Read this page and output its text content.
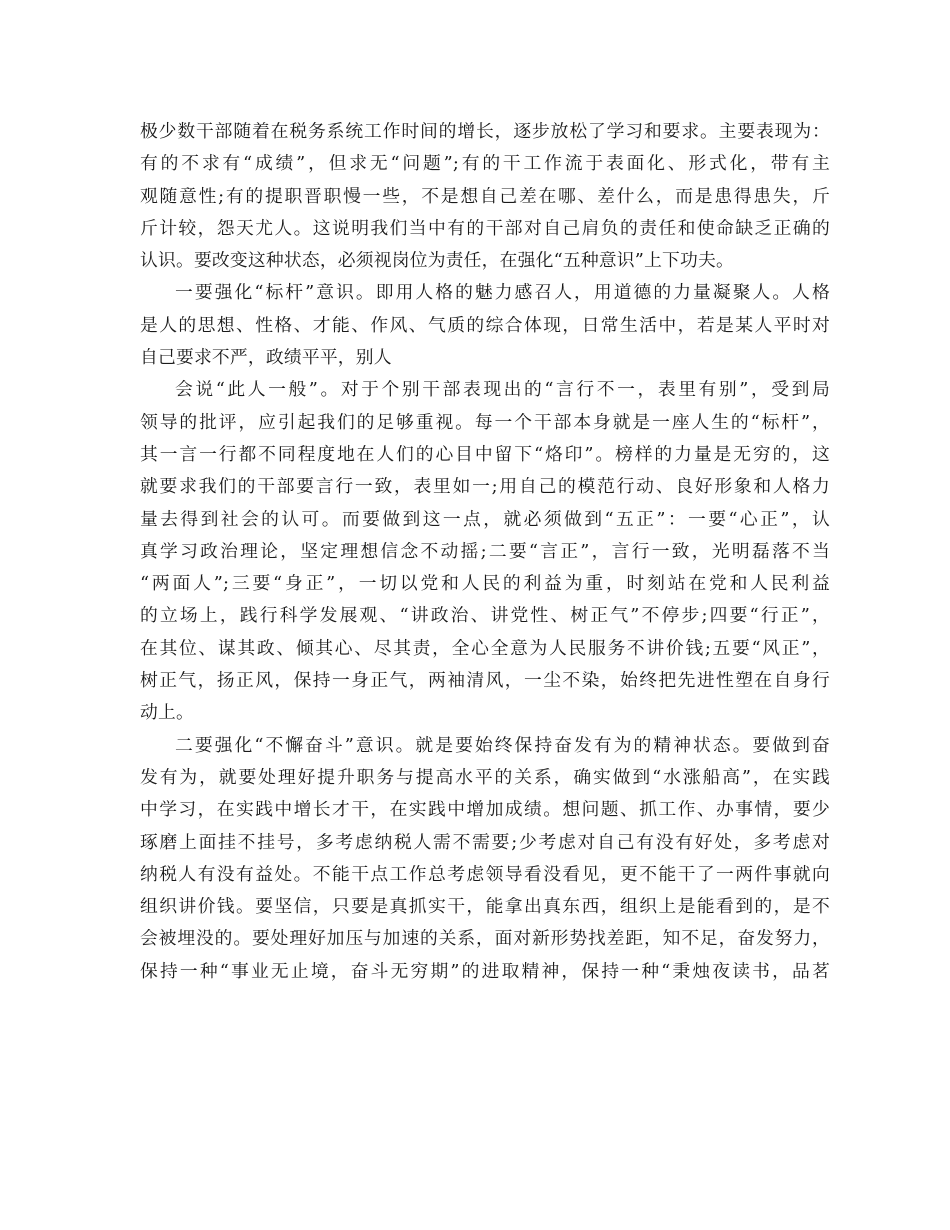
极少数干部随着在税务系统工作时间的增长，逐步放松了学习和要求。主要表现为：
有的不求有“成绩”，但求无“问题”;有的干工作流于表面化、形式化，带有主
观随意性;有的提职晋职慢一些，不是想自己差在哪、差什么，而是患得患失，斤
斤计较，怨天尤人。这说明我们当中有的干部对自己肩负的责任和使命缺乏正确的
认识。要改变这种状态，必须视岗位为责任，在强化“五种意识”上下功夫。
一要强化“标杆”意识。即用人格的魅力感召人，用道德的力量凝聚人。人格
是人的思想、性格、才能、作风、气质的综合体现，日常生活中，若是某人平时对
自己要求不严，政绩平平，别人
会说“此人一般”。对于个别干部表现出的“言行不一，表里有别”，受到局
领导的批评，应引起我们的足够重视。每一个干部本身就是一座人生的“标杆”，
其一言一行都不同程度地在人们的心目中留下“烙印”。榜样的力量是无穷的，这
就要求我们的干部要言行一致，表里如一;用自己的模范行动、良好形象和人格力
量去得到社会的认可。而要做到这一点，就必须做到“五正”：一要“心正”，认
真学习政治理论，坚定理想信念不动摇;二要“言正”，言行一致，光明磊落不当
“两面人”;三要“身正”，一切以党和人民的利益为重，时刻站在党和人民利益
的立场上，践行科学发展观、“讲政治、讲党性、树正气”不停步;四要“行正”，
在其位、谋其政、倾其心、尽其责，全心全意为人民服务不讲价钱;五要“风正”，
树正气，扬正风，保持一身正气，两袖清风，一尘不染，始终把先进性塑在自身行
动上。
二要强化“不懈奋斗”意识。就是要始终保持奋发有为的精神状态。要做到奋
发有为，就要处理好提升职务与提高水平的关系，确实做到“水涨船高”，在实践
中学习，在实践中增长才干，在实践中增加成绩。想问题、抓工作、办事情，要少
琢磨上面挂不挂号，多考虑纳税人需不需要;少考虑对自己有没有好处，多考虑对
纳税人有没有益处。不能干点工作总考虑领导看没看见，更不能干了一两件事就向
组织讲价钱。要坚信，只要是真抓实干，能拿出真东西，组织上是能看到的，是不
会被埋没的。要处理好加压与加速的关系，面对新形势找差距，知不足，奋发努力，
保持一种“事业无止境，奋斗无穷期”的进取精神，保持一种“秉烛夜读书，品茗
